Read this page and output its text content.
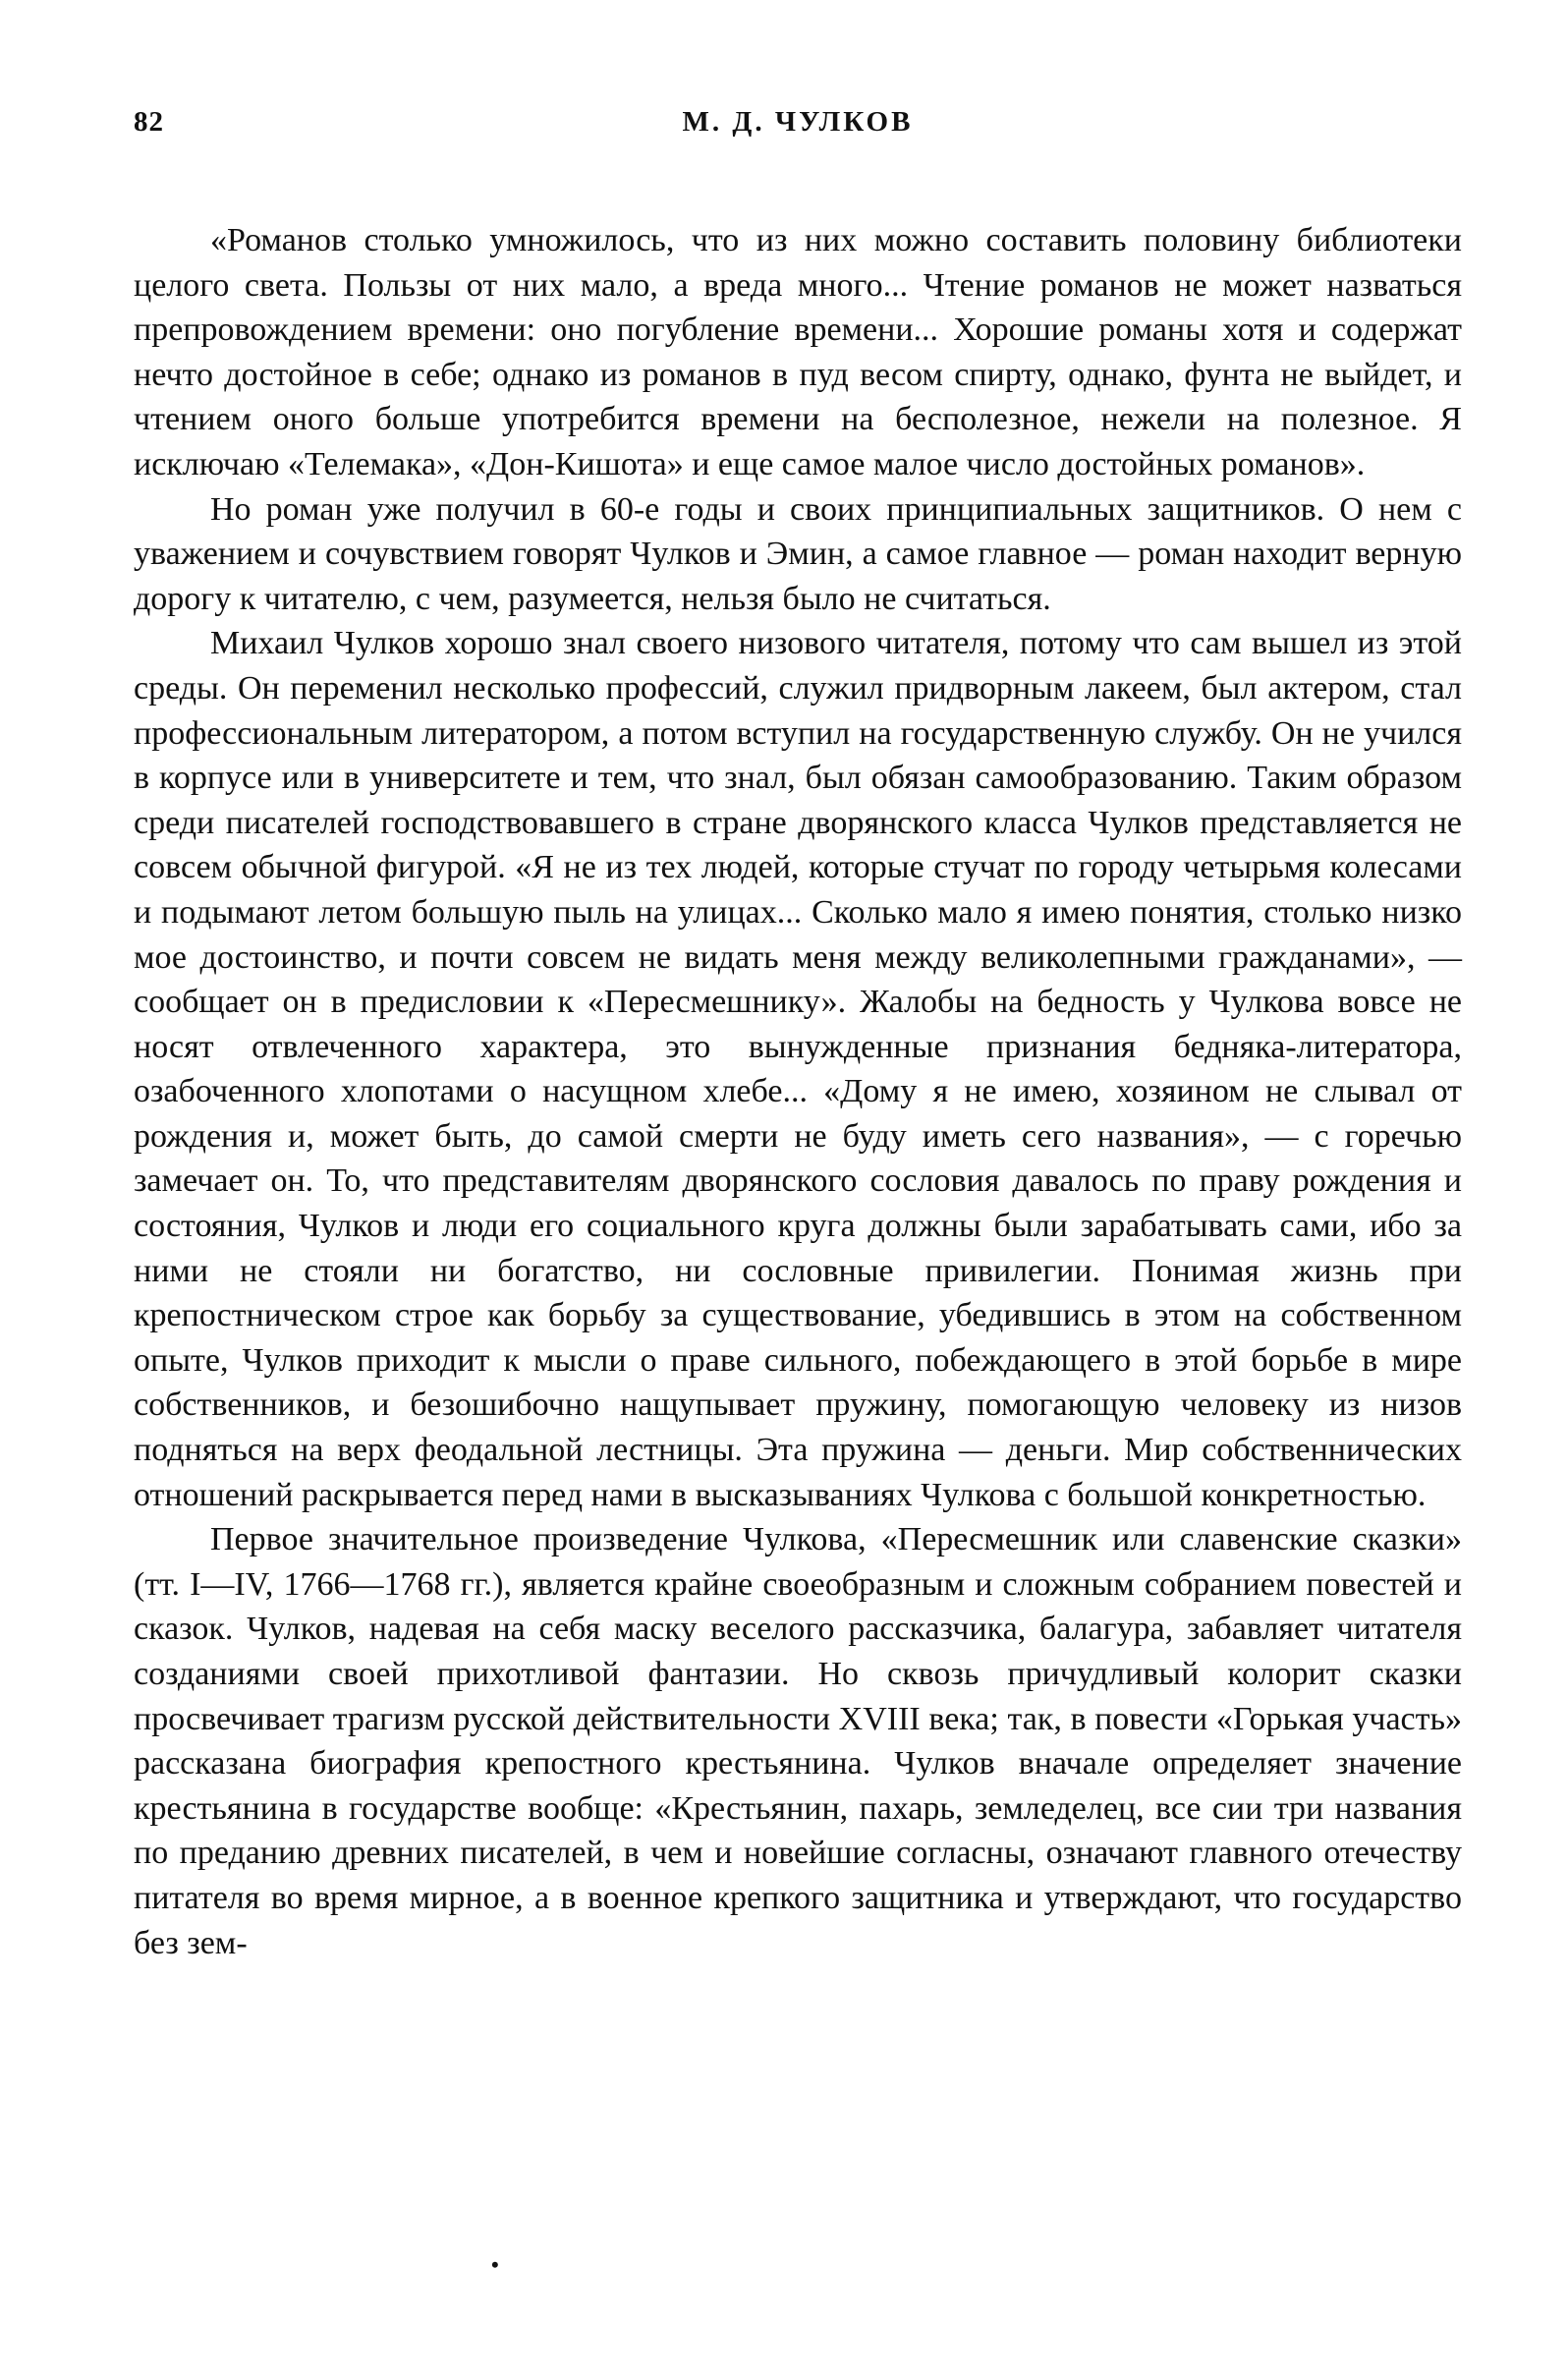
82	М. Д. ЧУЛКОВ

«Романов столько умножилось, что из них можно составить половину библиотеки целого света. Пользы от них мало, а вреда много... Чтение романов не может назваться препровождением времени: оно погубление времени... Хорошие романы хотя и содержат нечто достойное в себе; однако из романов в пуд весом спирту, однако, фунта не выйдет, и чтением оного больше употребится времени на бесполезное, нежели на полезное. Я исключаю «Телемака», «Дон-Кишота» и еще самое малое число достойных романов».

Но роман уже получил в 60-е годы и своих принципиальных защитников. О нем с уважением и сочувствием говорят Чулков и Эмин, а самое главное — роман находит верную дорогу к читателю, с чем, разумеется, нельзя было не считаться.

Михаил Чулков хорошо знал своего низового читателя, потому что сам вышел из этой среды. Он переменил несколько профессий, служил придворным лакеем, был актером, стал профессиональным литератором, а потом вступил на государственную службу. Он не учился в корпусе или в университете и тем, что знал, был обязан самообразованию. Таким образом среди писателей господствовавшего в стране дворянского класса Чулков представляется не совсем обычной фигурой. «Я не из тех людей, которые стучат по городу четырьмя колесами и подымают летом большую пыль на улицах... Сколько мало я имею понятия, столько низко мое достоинство, и почти совсем не видать меня между великолепными гражданами», — сообщает он в предисловии к «Пересмешнику». Жалобы на бедность у Чулкова вовсе не носят отвлеченного характера, это вынужденные признания бедняка-литератора, озабоченного хлопотами о насущном хлебе... «Дому я не имею, хозяином не слывал от рождения и, может быть, до самой смерти не буду иметь сего названия», — с горечью замечает он. То, что представителям дворянского сословия давалось по праву рождения и состояния, Чулков и люди его социального круга должны были зарабатывать сами, ибо за ними не стояли ни богатство, ни сословные привилегии. Понимая жизнь при крепостническом строе как борьбу за существование, убедившись в этом на собственном опыте, Чулков приходит к мысли о праве сильного, побеждающего в этой борьбе в мире собственников, и безошибочно нащупывает пружину, помогающую человеку из низов подняться на верх феодальной лестницы. Эта пружина — деньги. Мир собственнических отношений раскрывается перед нами в высказываниях Чулкова с большой конкретностью.

Первое значительное произведение Чулкова, «Пересмешник или славенские сказки» (тт. I—IV, 1766—1768 гг.), является крайне своеобразным и сложным собранием повестей и сказок. Чулков, надевая на себя маску веселого рассказчика, балагура, забавляет читателя созданиями своей прихотливой фантазии. Но сквозь причудливый колорит сказки просвечивает трагизм русской действительности XVIII века; так, в повести «Горькая участь» рассказана биография крепостного крестьянина. Чулков вначале определяет значение крестьянина в государстве вообще: «Крестьянин, пахарь, земледелец, все сии три названия по преданию древних писателей, в чем и новейшие согласны, означают главного отечеству питателя во время мирное, а в военное крепкого защитника и утверждают, что государство без зем-

•
